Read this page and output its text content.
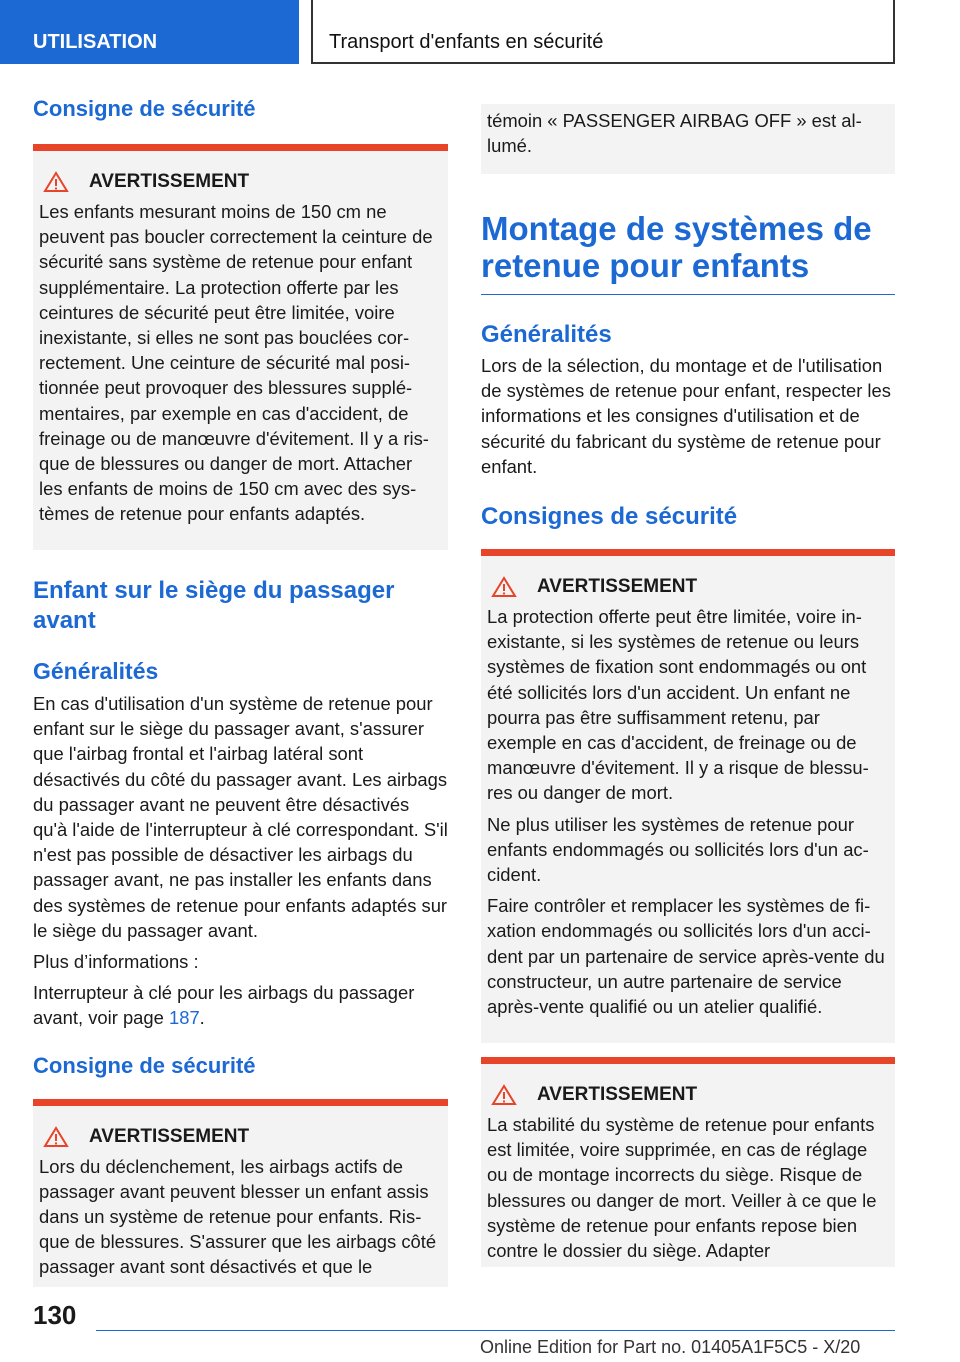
UTILISATION	Transport d'enfants en sécurité
Consigne de sécurité
AVERTISSEMENT

Les enfants mesurant moins de 150 cm ne peuvent pas boucler correctement la ceinture de sécurité sans système de retenue pour enfant supplémentaire. La protection offerte par les ceintures de sécurité peut être limitée, voire inexistante, si elles ne sont pas bouclées correctement. Une ceinture de sécurité mal positionnée peut provoquer des blessures supplémentaires, par exemple en cas d'accident, de freinage ou de manœuvre d'évitement. Il y a risque de blessures ou danger de mort. Attacher les enfants de moins de 150 cm avec des systèmes de retenue pour enfants adaptés.

Enfant sur le siège du passager avant
Généralités

En cas d'utilisation d'un système de retenue pour enfant sur le siège du passager avant, s'assurer que l'airbag frontal et l'airbag latéral sont désactivés du côté du passager avant. Les airbags du passager avant ne peuvent être désactivés qu'à l'aide de l'interrupteur à clé correspondant. S'il n'est pas possible de désactiver les airbags du passager avant, ne pas installer les enfants dans des systèmes de retenue pour enfants adaptés sur le siège du passager avant.

Plus d’informations :

Interrupteur à clé pour les airbags du passager avant, voir page 187.

Consigne de sécurité
AVERTISSEMENT

Lors du déclenchement, les airbags actifs de passager avant peuvent blesser un enfant assis dans un système de retenue pour enfants. Risque de blessures. S'assurer que les airbags côté passager avant sont désactivés et que le

témoin « PASSENGER AIRBAG OFF » est allumé.

Montage de systèmes de retenue pour enfants
Généralités

Lors de la sélection, du montage et de l'utilisation de systèmes de retenue pour enfant, respecter les informations et les consignes d'utilisation et de sécurité du fabricant du système de retenue pour enfant.

Consignes de sécurité
AVERTISSEMENT

La protection offerte peut être limitée, voire inexistante, si les systèmes de retenue ou leurs systèmes de fixation sont endommagés ou ont été sollicités lors d'un accident. Un enfant ne pourra pas être suffisamment retenu, par exemple en cas d'accident, de freinage ou de manœuvre d'évitement. Il y a risque de blessures ou danger de mort.

Ne plus utiliser les systèmes de retenue pour enfants endommagés ou sollicités lors d'un accident.

Faire contrôler et remplacer les systèmes de fixation endommagés ou sollicités lors d'un accident par un partenaire de service après-vente du constructeur, un autre partenaire de service après-vente qualifié ou un atelier qualifié.

AVERTISSEMENT

La stabilité du système de retenue pour enfants est limitée, voire supprimée, en cas de réglage ou de montage incorrects du siège. Risque de blessures ou danger de mort. Veiller à ce que le système de retenue pour enfants repose bien contre le dossier du siège. Adapter

130
Online Edition for Part no. 01405A1F5C5 - X/20
